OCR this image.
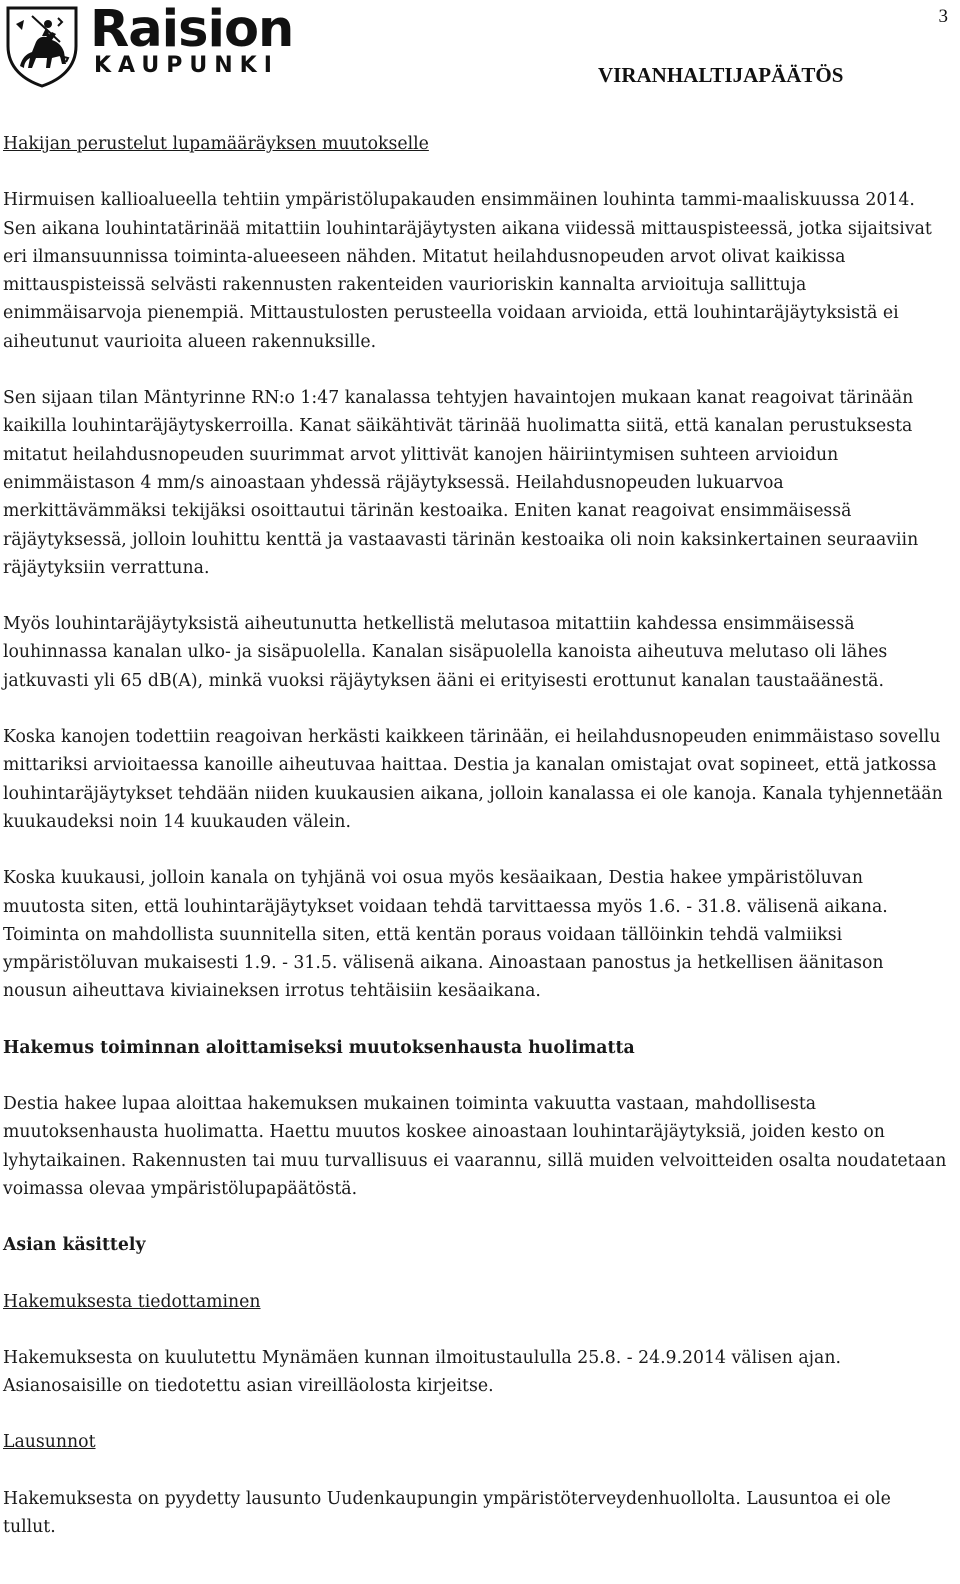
Raision
KAUPUNKI
3
VIRANHALTIJAPÄÄTÖS
Hakijan perustelut lupamääräyksen muutokselle

Hirmuisen kallioalueella tehtiin ympäristölupakauden ensimmäinen louhinta tammi-maaliskuussa 2014. Sen aikana louhintatärinää mitattiin louhintaräjäytysten aikana viidessä mittauspisteessä, jotka sijaitsivat eri ilmansuunnissa toiminta-alueeseen nähden. Mitatut heilahdusnopeuden arvot olivat kaikissa mittauspisteissä selvästi rakennusten rakenteiden vaurioriskin kannalta arvioituja sallittuja enimmäisarvoja pienempiä. Mittaustulosten perusteella voidaan arvioida, että louhintaräjäytyksistä ei aiheutunut vaurioita alueen rakennuksille.

Sen sijaan tilan Mäntyrinne RN:o 1:47 kanalassa tehtyjen havaintojen mukaan kanat reagoivat tärinään kaikilla louhintaräjäytyskerroilla. Kanat säikähtivät tärinää huolimatta siitä, että kanalan perustuksesta mitatut heilahdusnopeuden suurimmat arvot ylittivät kanojen häiriintymisen suhteen arvioidun enimmäistason 4 mm/s ainoastaan yhdessä räjäytyksessä. Heilahdusnopeuden lukuarvoa merkittävämmäksi tekijäksi osoittautui tärinän kestoaika. Eniten kanat reagoivat ensimmäisessä räjäytyksessä, jolloin louhittu kenttä ja vastaavasti tärinän kestoaika oli noin kaksinkertainen seuraaviin räjäytyksiin verrattuna.

Myös louhintaräjäytyksistä aiheutunutta hetkellistä melutasoa mitattiin kahdessa ensimmäisessä louhinnassa kanalan ulko- ja sisäpuolella. Kanalan sisäpuolella kanoista aiheutuva melutaso oli lähes jatkuvasti yli 65 dB(A), minkä vuoksi räjäytyksen ääni ei erityisesti erottunut kanalan taustaäänestä.

Koska kanojen todettiin reagoivan herkästi kaikkeen tärinään, ei heilahdusnopeuden enimmäistaso sovellu mittariksi arvioitaessa kanoille aiheutuvaa haittaa. Destia ja kanalan omistajat ovat sopineet, että jatkossa louhintaräjäytykset tehdään niiden kuukausien aikana, jolloin kanalassa ei ole kanoja. Kanala tyhjennetään kuukaudeksi noin 14 kuukauden välein.

Koska kuukausi, jolloin kanala on tyhjänä voi osua myös kesäaikaan, Destia hakee ympäristöluvan muutosta siten, että louhintaräjäytykset voidaan tehdä tarvittaessa myös 1.6. - 31.8. välisenä aikana. Toiminta on mahdollista suunnitella siten, että kentän poraus voidaan tällöinkin tehdä valmiiksi ympäristöluvan mukaisesti 1.9. - 31.5. välisenä aikana. Ainoastaan panostus ja hetkellisen äänitason nousun aiheuttava kiviaineksen irrotus tehtäisiin kesäaikana.

Hakemus toiminnan aloittamiseksi muutoksenhausta huolimatta

Destia hakee lupaa aloittaa hakemuksen mukainen toiminta vakuutta vastaan, mahdollisesta muutoksenhausta huolimatta. Haettu muutos koskee ainoastaan louhintaräjäytyksiä, joiden kesto on lyhytaikainen. Rakennusten tai muu turvallisuus ei vaarannu, sillä muiden velvoitteiden osalta noudatetaan voimassa olevaa ympäristölupapäätöstä.

Asian käsittely
Hakemuksesta tiedottaminen

Hakemuksesta on kuulutettu Mynämäen kunnan ilmoitustaululla 25.8. - 24.9.2014 välisen ajan. Asianosaisille on tiedotettu asian vireilläolosta kirjeitse.

Lausunnot

Hakemuksesta on pyydetty lausunto Uudenkaupungin ympäristöterveydenhuollolta. Lausuntoa ei ole tullut.
